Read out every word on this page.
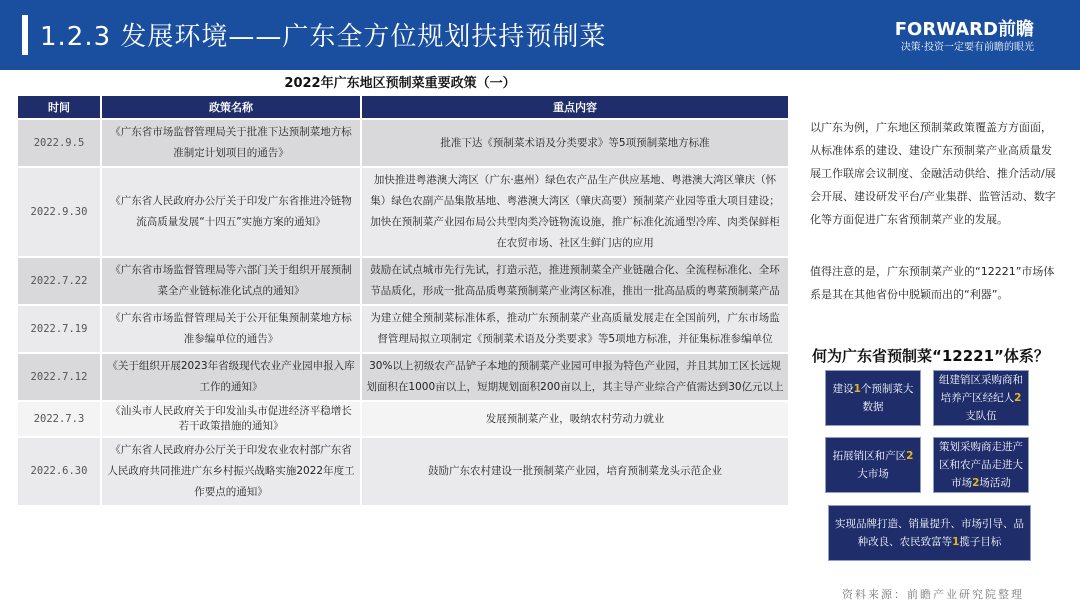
1.2.3 发展环境——广东全方位规划扶持预制菜	FORWARD前瞻
决策·投资一定要有前瞻的眼光
2022年广东地区预制菜重要政策（一）
时间	政策名称	重点内容
2022.9.5	《广东省市场监督管理局关于批准下达预制菜地方标准制定计划项目的通告》	批准下达《预制菜术语及分类要求》等5项预制菜地方标准
2022.9.30	《广东省人民政府办公厅关于印发广东省推进冷链物流高质量发展“十四五”实施方案的通知》	加快推进粤港澳大湾区（广东·惠州）绿色农产品生产供应基地、粤港澳大湾区肇庆（怀集）绿色农副产品集散基地、粤港澳大湾区（肇庆高要）预制菜产业园等重大项目建设；加快在预制菜产业园布局公共型肉类冷链物流设施，推广标准化流通型冷库、肉类保鲜柜在农贸市场、社区生鲜门店的应用
2022.7.22	《广东省市场监督管理局等六部门关于组织开展预制菜全产业链标准化试点的通知》	鼓励在试点城市先行先试，打造示范，推进预制菜全产业链融合化、全流程标准化、全环节品质化，形成一批高品质粤菜预制菜产业湾区标准，推出一批高品质的粤菜预制菜产品
2022.7.19	《广东省市场监督管理局关于公开征集预制菜地方标准参编单位的通告》	为建立健全预制菜标准体系，推动广东预制菜产业高质量发展走在全国前列，广东市场监督管理局拟立项制定《预制菜术语及分类要求》等5项地方标准，并征集标准参编单位
2022.7.12	《关于组织开展2023年省级现代农业产业园申报入库工作的通知》	30%以上初级农产品铲子本地的预制菜产业园可申报为特色产业园，并且其加工区长远规划面积在1000亩以上，短期规划面积200亩以上，其主导产业综合产值需达到30亿元以上
2022.7.3	《汕头市人民政府关于印发汕头市促进经济平稳增长若干政策措施的通知》	发展预制菜产业，吸纳农村劳动力就业
2022.6.30	《广东省人民政府办公厅关于印发农业农村部广东省人民政府共同推进广东乡村振兴战略实施2022年度工作要点的通知》	鼓励广东农村建设一批预制菜产业园，培育预制菜龙头示范企业
以广东为例，广东地区预制菜政策覆盖方方面面，从标准体系的建设、建设广东预制菜产业高质量发展工作联席会议制度、金融活动供给、推介活动/展会开展、建设研发平台/产业集群、监管活动、数字化等方面促进广东省预制菜产业的发展。
值得注意的是，广东预制菜产业的“12221”市场体系是其在其他省份中脱颖而出的“利器”。
何为广东省预制菜“12221”体系？
建设1个预制菜大数据
组建销区采购商和培养产区经纪人2支队伍
拓展销区和产区2大市场
策划采购商走进产区和农产品走进大市场2场活动
实现品牌打造、销量提升、市场引导、品种改良、农民致富等1揽子目标
资料来源：前瞻产业研究院整理
